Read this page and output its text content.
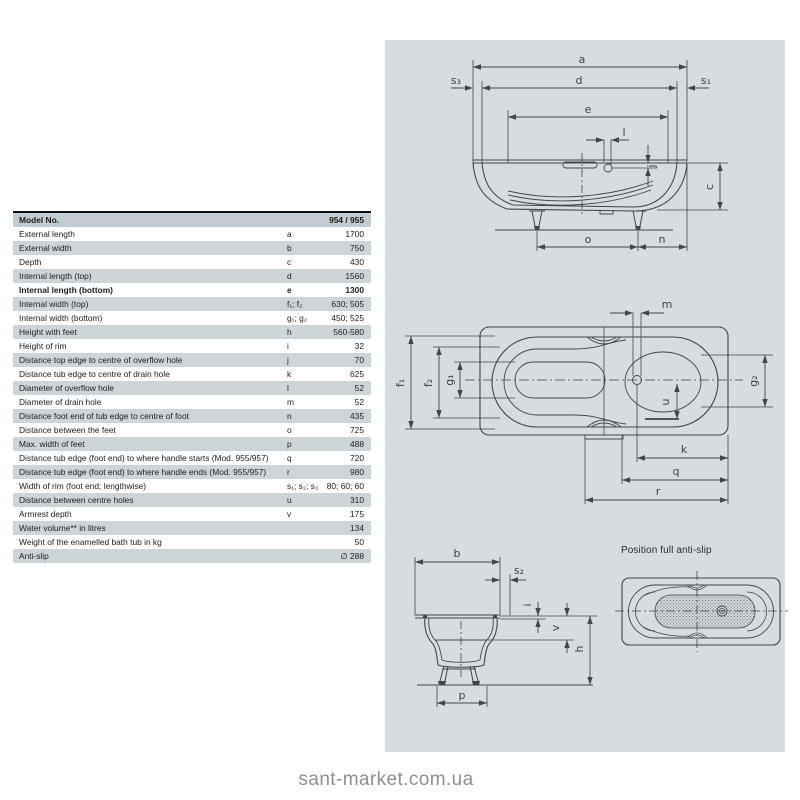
Model No.		954 / 955
External length	a	1700
External width	b	750
Depth	c	430
Internal length (top)	d	1560
Internal length (bottom)	e	1300
Internal width (top)	f₁; f₂	630; 505
Internal width (bottom)	g₁; g₂	450; 525
Height with feet	h	560-580
Height of rim	i	32
Distance top edge to centre of overflow hole	j	70
Distance tub edge to centre of drain hole	k	625
Diameter of overflow hole	l	52
Diameter of drain hole	m	52
Distance foot end of tub edge to centre of foot	n	435
Distance between the feet	o	725
Max. width of feet	p	488
Distance tub edge (foot end) to where handle starts (Mod. 955/957)	q	720
Distance tub edge (foot end) to where handle ends (Mod. 955/957)	r	980
Width of rim (foot end; lengthwise)	s₁; s₂; s₃	80; 60; 60
Distance between centre holes	u	310
Armrest depth	v	175
Water volume** in litres		134
Weight of the enamelled bath tub in kg		50
Anti-slip		∅ 288
a
d
s₃	s₁
e
l
j
c
o	n
m
f₁ f₂ g₁	g₂
u
k
q
r
b
s₂
i
v
h
p
Position full anti-slip
sant-market.com.ua
